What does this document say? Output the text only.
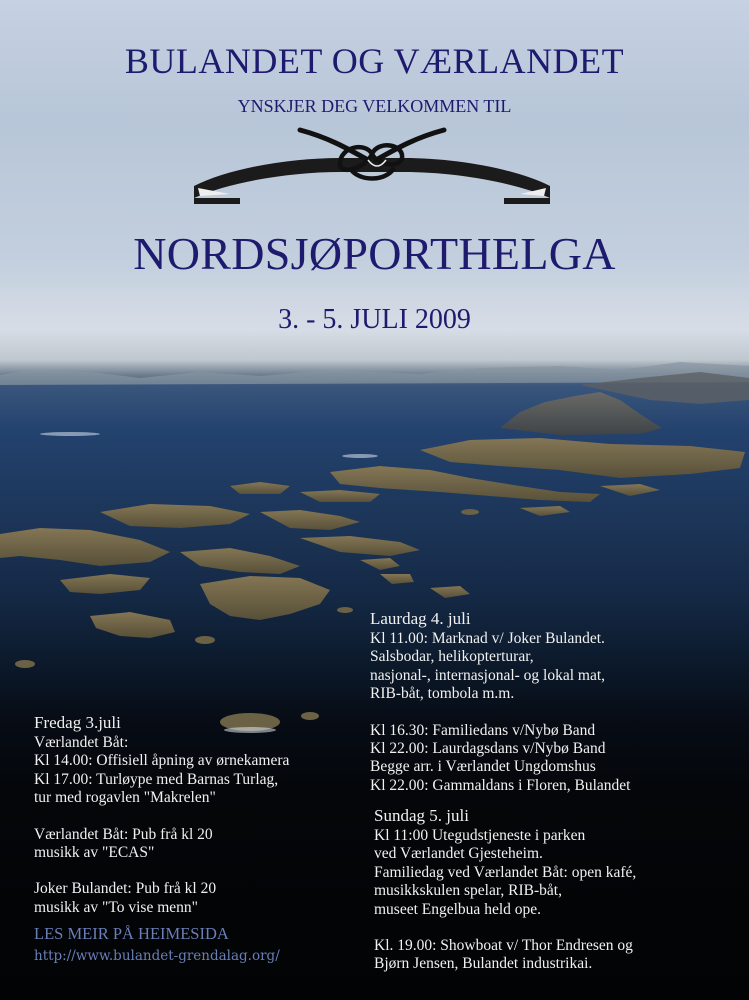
BULANDET OG VÆRLANDET
YNSKJER DEG VELKOMMEN TIL
NORDSJØPORTHELGA
3. - 5. JULI 2009
Laurdag 4. juli
Kl 11.00: Marknad v/ Joker Bulandet.
Salsbodar, helikopterturar,
nasjonal-, internasjonal- og lokal mat,
RIB-båt, tombola m.m.
Kl 16.30: Familiedans v/Nybø Band
Kl 22.00: Laurdagsdans v/Nybø Band
Begge arr. i Værlandet Ungdomshus
Kl 22.00: Gammaldans i Floren, Bulandet
Fredag 3.juli
Værlandet Båt:
Kl 14.00: Offisiell åpning av ørnekamera
Kl 17.00: Turløype med Barnas Turlag,
tur med rogavlen "Makrelen"
Værlandet Båt: Pub frå kl 20
musikk av "ECAS"
Joker Bulandet: Pub frå kl 20
musikk av "To vise menn"
Sundag 5. juli
Kl 11:00 Utegudstjeneste i parken
ved Værlandet Gjesteheim.
Familiedag ved Værlandet Båt: open kafé,
musikkskulen spelar, RIB-båt,
museet Engelbua held ope.
Kl. 19.00: Showboat v/ Thor Endresen og
Bjørn Jensen, Bulandet industrikai.
LES MEIR PÅ HEIMESIDA
http://www.bulandet-grendalag.org/
